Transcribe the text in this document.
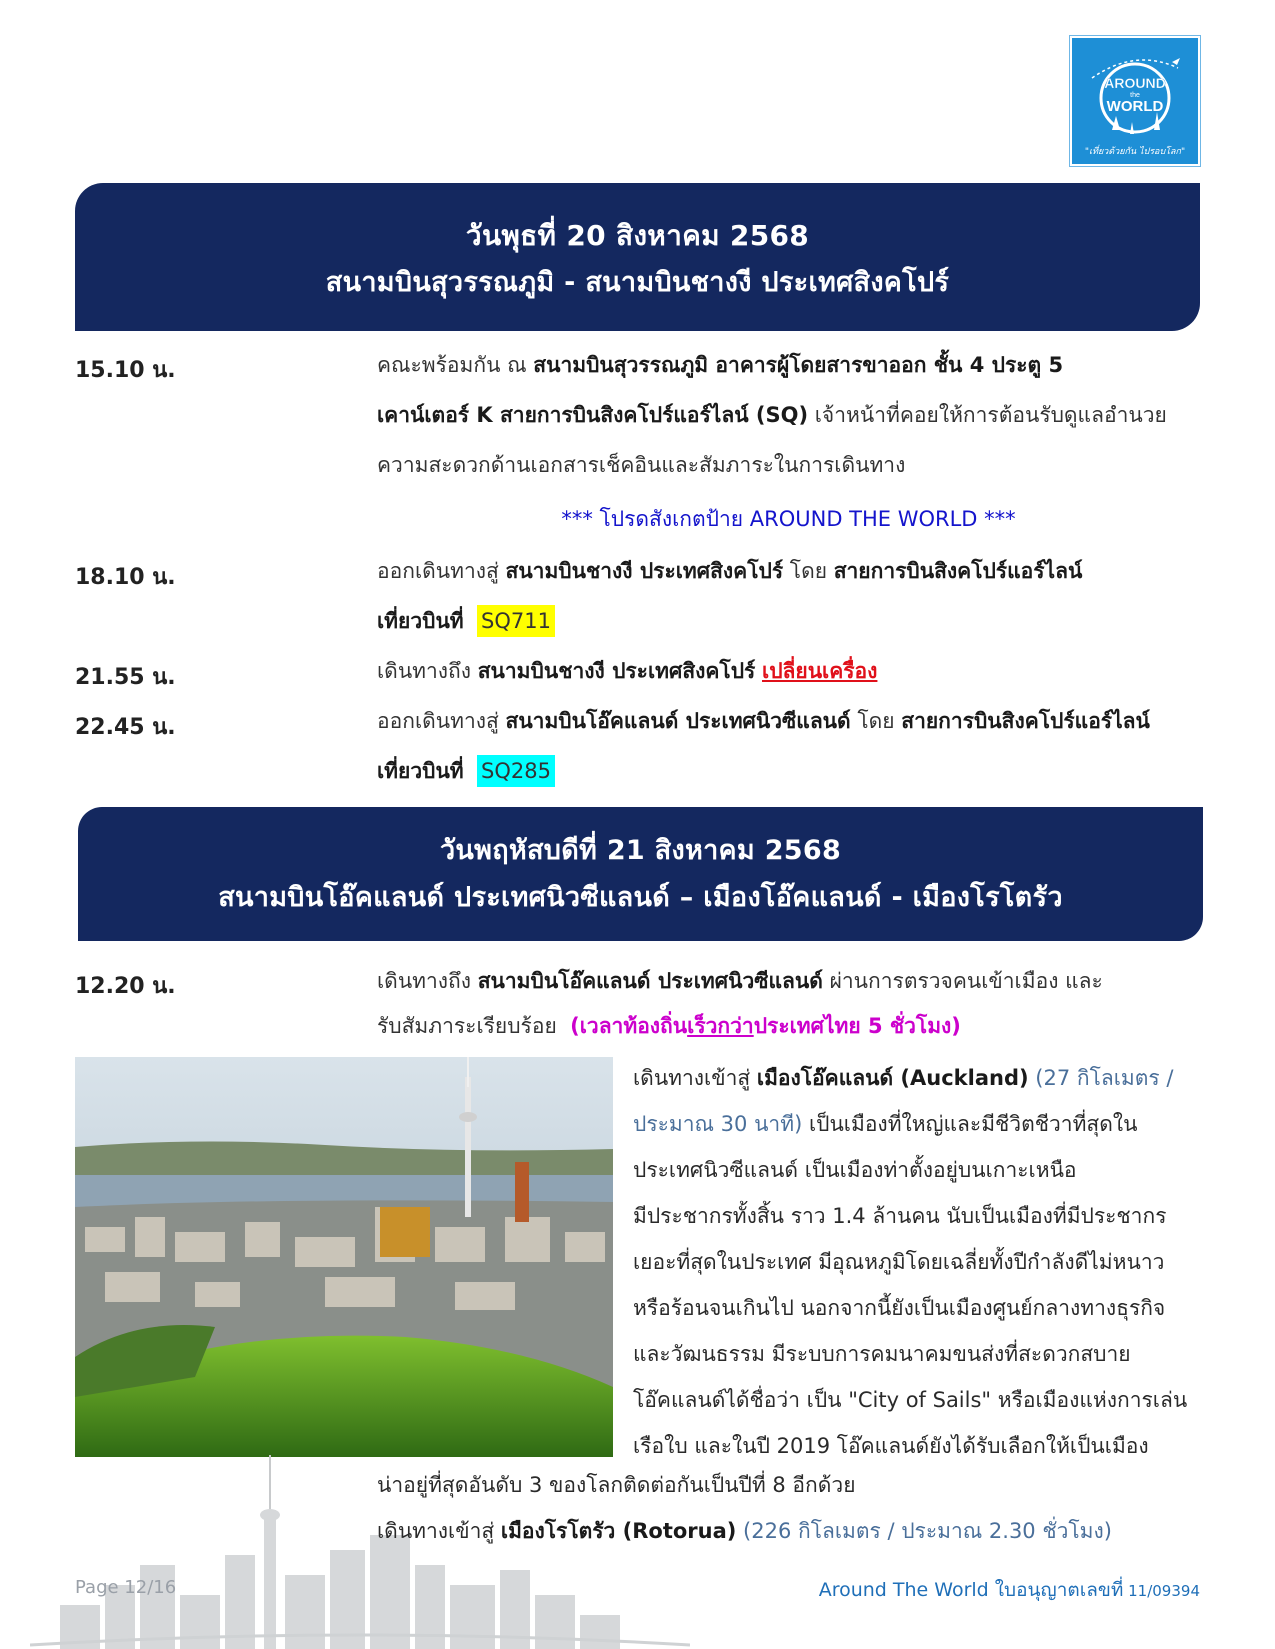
AROUND
the
WORLD
"เที่ยวด้วยกัน ไปรอบโลก"
วันพุธที่ 20 สิงหาคม 2568
สนามบินสุวรรณภูมิ - สนามบินชางงี ประเทศสิงคโปร์
15.10 น.	คณะพร้อมกัน ณ สนามบินสุวรรณภูมิ อาคารผู้โดยสารขาออก ชั้น 4 ประตู 5
เคาน์เตอร์ K สายการบินสิงคโปร์แอร์ไลน์ (SQ) เจ้าหน้าที่คอยให้การต้อนรับดูแลอำนวย
ความสะดวกด้านเอกสารเช็คอินและสัมภาระในการเดินทาง
*** โปรดสังเกตป้าย AROUND THE WORLD ***
18.10 น.	ออกเดินทางสู่ สนามบินชางงี ประเทศสิงคโปร์ โดย สายการบินสิงคโปร์แอร์ไลน์
เที่ยวบินที่ SQ711
21.55 น.	เดินทางถึง สนามบินชางงี ประเทศสิงคโปร์ เปลี่ยนเครื่อง
22.45 น.	ออกเดินทางสู่ สนามบินโอ๊คแลนด์ ประเทศนิวซีแลนด์ โดย สายการบินสิงคโปร์แอร์ไลน์
เที่ยวบินที่ SQ285
วันพฤหัสบดีที่ 21 สิงหาคม 2568
สนามบินโอ๊คแลนด์ ประเทศนิวซีแลนด์ – เมืองโอ๊คแลนด์ - เมืองโรโตรัว
12.20 น.	เดินทางถึง สนามบินโอ๊คแลนด์ ประเทศนิวซีแลนด์ ผ่านการตรวจคนเข้าเมือง และ
รับสัมภาระเรียบร้อย (เวลาท้องถิ่นเร็วกว่าประเทศไทย 5 ชั่วโมง)
เดินทางเข้าสู่ เมืองโอ๊คแลนด์ (Auckland) (27 กิโลเมตร /
ประมาณ 30 นาที) เป็นเมืองที่ใหญ่และมีชีวิตชีวาที่สุดใน
ประเทศนิวซีแลนด์ เป็นเมืองท่าตั้งอยู่บนเกาะเหนือ
มีประชากรทั้งสิ้น ราว 1.4 ล้านคน นับเป็นเมืองที่มีประชากร
เยอะที่สุดในประเทศ มีอุณหภูมิโดยเฉลี่ยทั้งปีกำลังดีไม่หนาว
หรือร้อนจนเกินไป นอกจากนี้ยังเป็นเมืองศูนย์กลางทางธุรกิจ
และวัฒนธรรม มีระบบการคมนาคมขนส่งที่สะดวกสบาย
โอ๊คแลนด์ได้ชื่อว่า เป็น "City of Sails" หรือเมืองแห่งการเล่น
เรือใบ และในปี 2019 โอ๊คแลนด์ยังได้รับเลือกให้เป็นเมือง
น่าอยู่ที่สุดอันดับ 3 ของโลกติดต่อกันเป็นปีที่ 8 อีกด้วย
เดินทางเข้าสู่ เมืองโรโตรัว (Rotorua) (226 กิโลเมตร / ประมาณ 2.30 ชั่วโมง)
Page 12/16	Around The World ใบอนุญาตเลขที่ 11/09394
